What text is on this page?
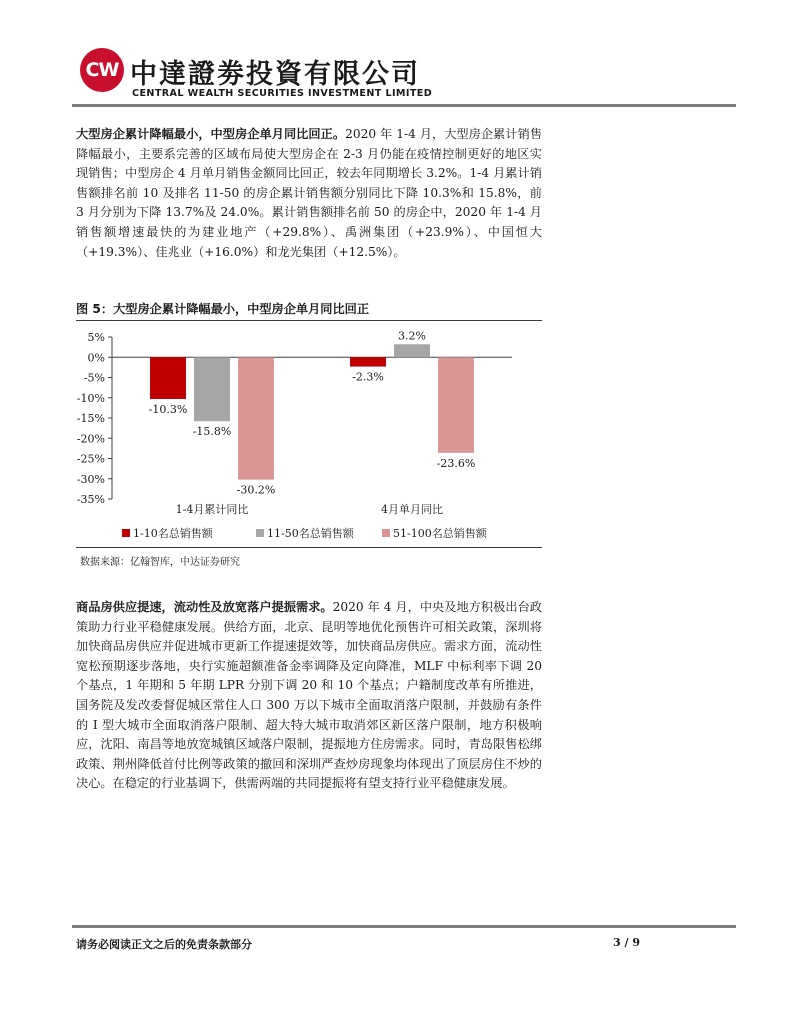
CW 中達證劵投資有限公司
CENTRAL WEALTH SECURITIES INVESTMENT LIMITED

大型房企累计降幅最小，中型房企单月同比回正。2020 年 1-4 月，大型房企累计销售降幅最小，主要系完善的区域布局使大型房企在 2-3 月仍能在疫情控制更好的地区实现销售；中型房企 4 月单月销售金额同比回正，较去年同期增长 3.2%。1-4 月累计销售额排名前 10 及排名 11-50 的房企累计销售额分别同比下降 10.3%和 15.8%，前 3 月分别为下降 13.7%及 24.0%。累计销售额排名前 50 的房企中，2020 年 1-4 月销售额增速最快的为建业地产（+29.8%）、禹洲集团（+23.9%）、中国恒大（+19.3%）、佳兆业（+16.0%）和龙光集团（+12.5%）。

图 5：大型房企累计降幅最小，中型房企单月同比回正
5%
0%
-5%
-10%
-15%
-20%
-25%
-30%
-35%
-10.3%
-15.8%
-30.2%
-2.3%
3.2%
-23.6%
1-4月累计同比	4月单月同比
1-10名总销售额	11-50名总销售额	51-100名总销售额
数据来源：亿翰智库，中达证券研究

商品房供应提速，流动性及放宽落户提振需求。2020 年 4 月，中央及地方积极出台政策助力行业平稳健康发展。供给方面，北京、昆明等地优化预售许可相关政策，深圳将加快商品房供应并促进城市更新工作提速提效等，加快商品房供应。需求方面，流动性宽松预期逐步落地，央行实施超额准备金率调降及定向降准，MLF 中标利率下调 20 个基点，1 年期和 5 年期 LPR 分别下调 20 和 10 个基点；户籍制度改革有所推进，国务院及发改委督促城区常住人口 300 万以下城市全面取消落户限制，并鼓励有条件的 I 型大城市全面取消落户限制、超大特大城市取消郊区新区落户限制，地方积极响应，沈阳、南昌等地放宽城镇区域落户限制，提振地方住房需求。同时，青岛限售松绑政策、荆州降低首付比例等政策的撤回和深圳严查炒房现象均体现出了顶层房住不炒的决心。在稳定的行业基调下，供需两端的共同提振将有望支持行业平稳健康发展。

请务必阅读正文之后的免责条款部分	3 / 9
